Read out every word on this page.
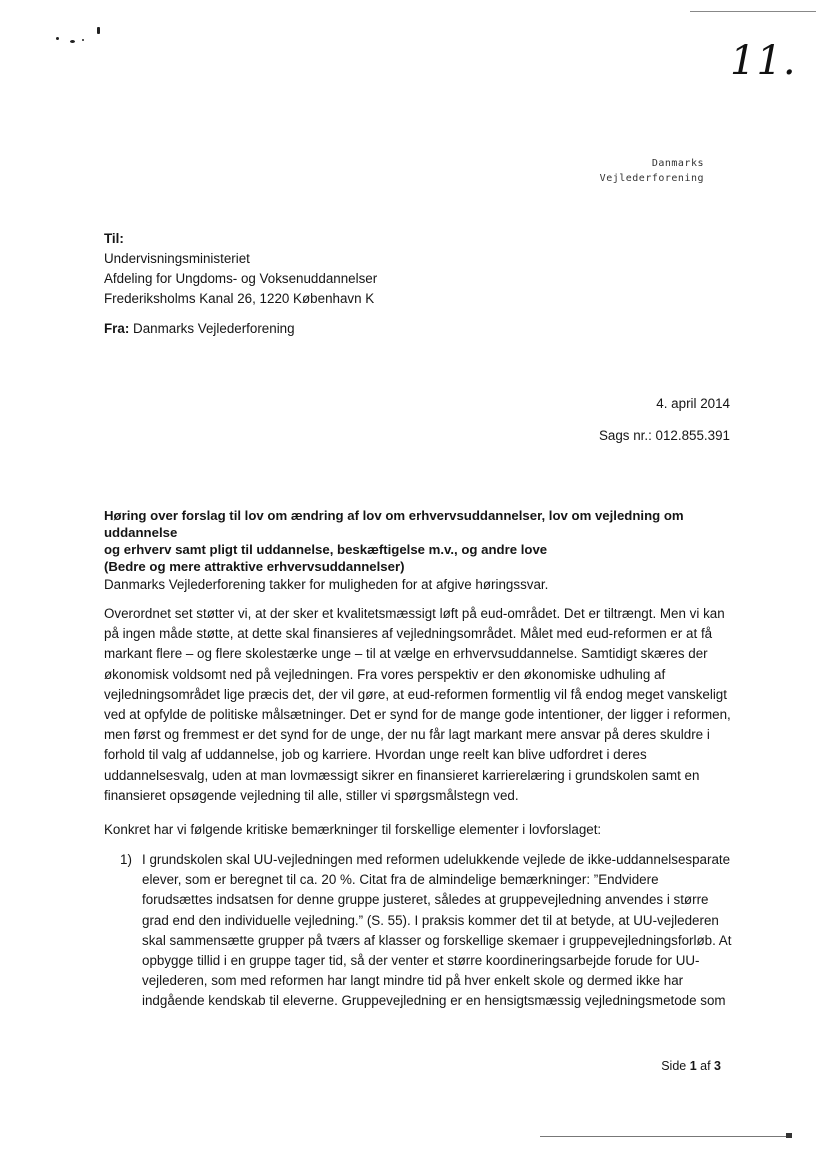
11.
Danmarks
Vejlederforening
Til:
Undervisningsministeriet
Afdeling for Ungdoms- og Voksenuddannelser
Frederiksholms Kanal 26, 1220 København K
Fra: Danmarks Vejlederforening
4. april 2014
Sags nr.: 012.855.391
Høring over forslag til lov om ændring af lov om erhvervsuddannelser, lov om vejledning om uddannelse
og erhverv samt pligt til uddannelse, beskæftigelse m.v., og andre love
(Bedre og mere attraktive erhvervsuddannelser)
Danmarks Vejlederforening takker for muligheden for at afgive høringssvar.
Overordnet set støtter vi, at der sker et kvalitetsmæssigt løft på eud-området. Det er tiltrængt. Men vi kan
på ingen måde støtte, at dette skal finansieres af vejledningsområdet. Målet med eud-reformen er at få
markant flere – og flere skolestærke unge – til at vælge en erhvervsuddannelse. Samtidigt skæres der
økonomisk voldsomt ned på vejledningen. Fra vores perspektiv er den økonomiske udhuling af
vejledningsområdet lige præcis det, der vil gøre, at eud-reformen formentlig vil få endog meget vanskeligt
ved at opfylde de politiske målsætninger. Det er synd for de mange gode intentioner, der ligger i reformen,
men først og fremmest er det synd for de unge, der nu får lagt markant mere ansvar på deres skuldre i
forhold til valg af uddannelse, job og karriere. Hvordan unge reelt kan blive udfordret i deres
uddannelsesvalg, uden at man lovmæssigt sikrer en finansieret karrierelæring i grundskolen samt en
finansieret opsøgende vejledning til alle, stiller vi spørgsmålstegn ved.
Konkret har vi følgende kritiske bemærkninger til forskellige elementer i lovforslaget:
1) I grundskolen skal UU-vejledningen med reformen udelukkende vejlede de ikke-uddannelsesparate
elever, som er beregnet til ca. 20 %. Citat fra de almindelige bemærkninger: ”Endvidere
forudsættes indsatsen for denne gruppe justeret, således at gruppevejledning anvendes i større
grad end den individuelle vejledning.” (S. 55). I praksis kommer det til at betyde, at UU-vejlederen
skal sammensætte grupper på tværs af klasser og forskellige skemaer i gruppevejledningsforløb. At
opbygge tillid i en gruppe tager tid, så der venter et større koordineringsarbejde forude for UU-
vejlederen, som med reformen har langt mindre tid på hver enkelt skole og dermed ikke har
indgående kendskab til eleverne. Gruppevejledning er en hensigtsmæssig vejledningsmetode som
Side 1 af 3
